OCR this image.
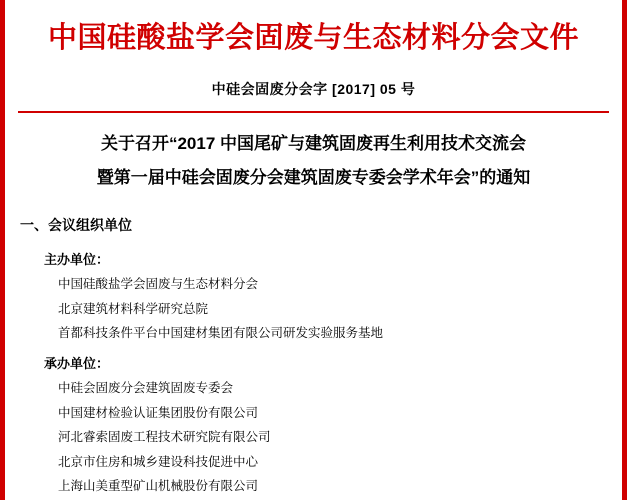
中国硅酸盐学会固废与生态材料分会文件
中硅会固废分会字 [2017] 05 号
关于召开“2017 中国尾矿与建筑固废再生利用技术交流会
暨第一届中硅会固废分会建筑固废专委会学术年会”的通知
一、会议组织单位
主办单位：
中国硅酸盐学会固废与生态材料分会
北京建筑材料科学研究总院
首都科技条件平台中国建材集团有限公司研发实验服务基地
承办单位：
中硅会固废分会建筑固废专委会
中国建材检验认证集团股份有限公司
河北睿索固废工程技术研究院有限公司
北京市住房和城乡建设科技促进中心
上海山美重型矿山机械股份有限公司
